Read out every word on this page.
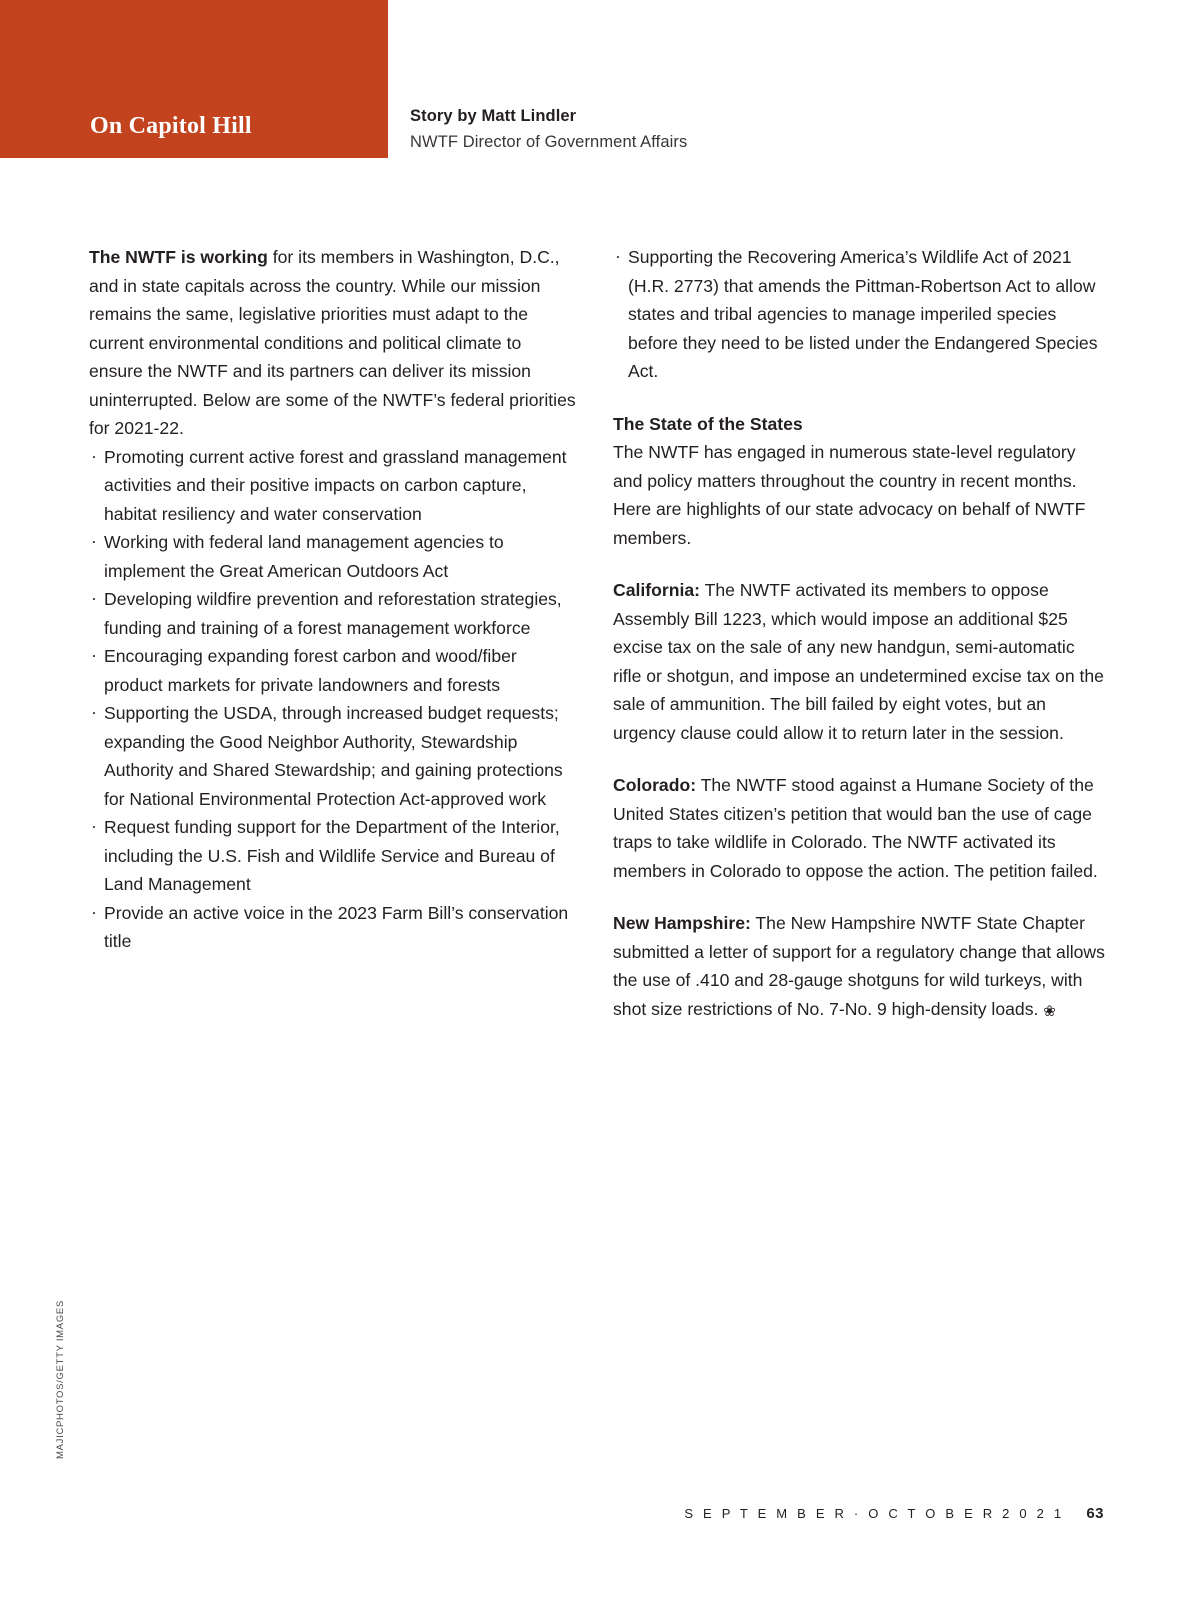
On Capitol Hill	Story by Matt Lindler
NWTF Director of Government Affairs

The NWTF is working for its members in Washington, D.C., and in state capitals across the country. While our mission remains the same, legislative priorities must adapt to the current environmental conditions and political climate to ensure the NWTF and its partners can deliver its mission uninterrupted. Below are some of the NWTF’s federal priorities for 2021-22.

· Promoting current active forest and grassland management activities and their positive impacts on carbon capture, habitat resiliency and water conservation
· Working with federal land management agencies to implement the Great American Outdoors Act
· Developing wildfire prevention and reforestation strategies, funding and training of a forest management workforce
· Encouraging expanding forest carbon and wood/fiber product markets for private landowners and forests
· Supporting the USDA, through increased budget requests; expanding the Good Neighbor Authority, Stewardship Authority and Shared Stewardship; and gaining protections for National Environmental Protection Act-approved work
· Request funding support for the Department of the Interior, including the U.S. Fish and Wildlife Service and Bureau of Land Management
· Provide an active voice in the 2023 Farm Bill’s conservation title
· Supporting the Recovering America’s Wildlife Act of 2021 (H.R. 2773) that amends the Pittman-Robertson Act to allow states and tribal agencies to manage imperiled species before they need to be listed under the Endangered Species Act.

The State of the States

The NWTF has engaged in numerous state-level regulatory and policy matters throughout the country in recent months. Here are highlights of our state advocacy on behalf of NWTF members.

California: The NWTF activated its members to oppose Assembly Bill 1223, which would impose an additional $25 excise tax on the sale of any new handgun, semi-automatic rifle or shotgun, and impose an undetermined excise tax on the sale of ammunition. The bill failed by eight votes, but an urgency clause could allow it to return later in the session.

Colorado: The NWTF stood against a Humane Society of the United States citizen’s petition that would ban the use of cage traps to take wildlife in Colorado. The NWTF activated its members in Colorado to oppose the action. The petition failed.

New Hampshire: The New Hampshire NWTF State Chapter submitted a letter of support for a regulatory change that allows the use of .410 and 28-gauge shotguns for wild turkeys, with shot size restrictions of No. 7-No. 9 high-density loads. ❀

MAJICPHOTOS/GETTY IMAGES
S E P T E M B E R · O C T O B E R 2 0 2 1 63
